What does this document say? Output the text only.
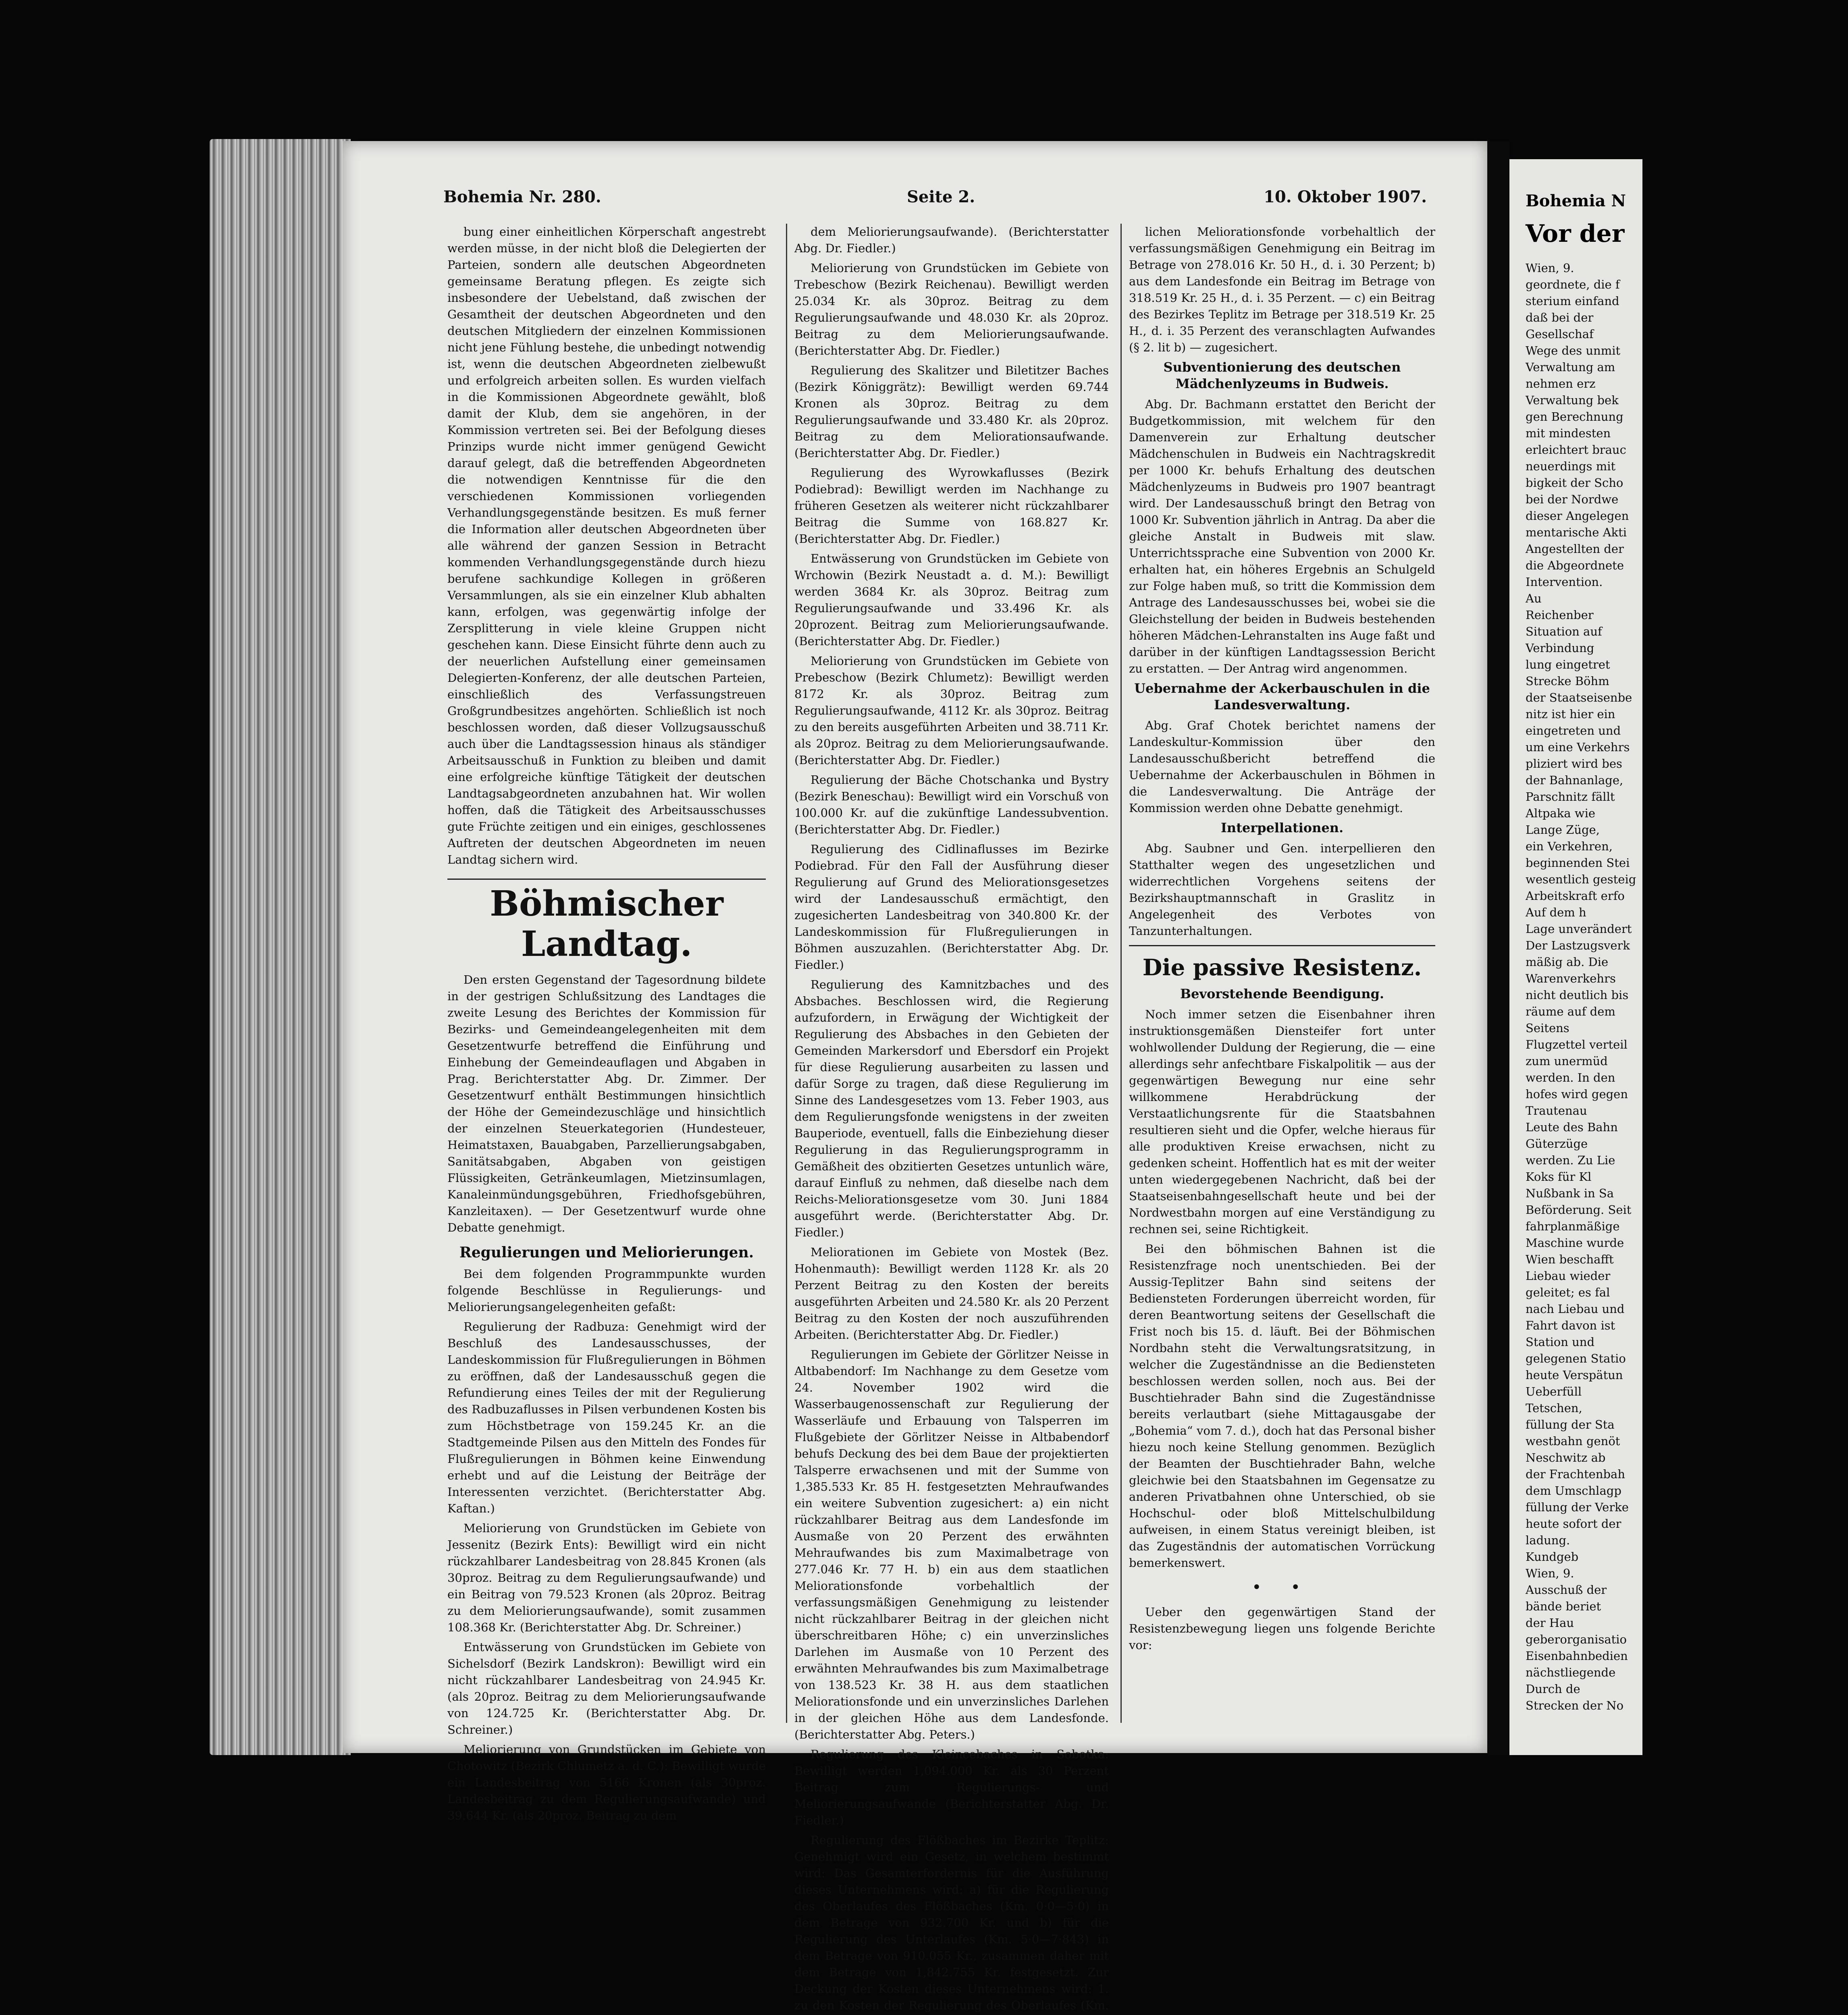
Bohemia Nr. 280.	Seite 2.	10. Oktober 1907.

bung einer einheitlichen Körperschaft angestrebt werden müsse, in der nicht bloß die Delegierten der Parteien, sondern alle deutschen Abgeordneten gemeinsame Beratung pflegen. Es zeigte sich insbesondere der Uebelstand, daß zwischen der Gesamtheit der deutschen Abgeordneten und den deutschen Mitgliedern der einzelnen Kommissionen nicht jene Fühlung bestehe, die unbedingt notwendig ist, wenn die deutschen Abgeordneten zielbewußt und erfolgreich arbeiten sollen. Es wurden vielfach in die Kommissionen Abgeordnete gewählt, bloß damit der Klub, dem sie angehören, in der Kommission vertreten sei. Bei der Befolgung dieses Prinzips wurde nicht immer genügend Gewicht darauf gelegt, daß die betreffenden Abgeordneten die notwendigen Kenntnisse für die den verschiedenen Kommissionen vorliegenden Verhandlungsgegenstände besitzen. Es muß ferner die Information aller deutschen Abgeordneten über alle während der ganzen Session in Betracht kommenden Verhandlungsgegenstände durch hiezu berufene sachkundige Kollegen in größeren Versammlungen, als sie ein einzelner Klub abhalten kann, erfolgen, was gegenwärtig infolge der Zersplitterung in viele kleine Gruppen nicht geschehen kann. Diese Einsicht führte denn auch zu der neuerlichen Aufstellung einer gemeinsamen Delegierten-Konferenz, der alle deutschen Parteien, einschließlich des Verfassungstreuen Großgrundbesitzes angehörten. Schließlich ist noch beschlossen worden, daß dieser Vollzugsausschuß auch über die Landtagssession hinaus als ständiger Arbeitsausschuß in Funktion zu bleiben und damit eine erfolgreiche künftige Tätigkeit der deutschen Landtagsabgeordneten anzubahnen hat. Wir wollen hoffen, daß die Tätigkeit des Arbeitsausschusses gute Früchte zeitigen und ein einiges, geschlossenes Auftreten der deutschen Abgeordneten im neuen Landtag sichern wird.

Böhmischer Landtag.

Den ersten Gegenstand der Tagesordnung bildete in der gestrigen Schlußsitzung des Landtages die zweite Lesung des Berichtes der Kommission für Bezirks- und Gemeindeangelegenheiten mit dem Gesetzentwurfe betreffend die Einführung und Einhebung der Gemeindeauflagen und Abgaben in Prag. Berichterstatter Abg. Dr. Zimmer. Der Gesetzentwurf enthält Bestimmungen hinsichtlich der Höhe der Gemeindezuschläge und hinsichtlich der einzelnen Steuerkategorien (Hundesteuer, Heimatstaxen, Bauabgaben, Parzellierungsabgaben, Sanitätsabgaben, Abgaben von geistigen Flüssigkeiten, Getränkeumlagen, Mietzinsumlagen, Kanaleinmündungsgebühren, Friedhofsgebühren, Kanzleitaxen). — Der Gesetzentwurf wurde ohne Debatte genehmigt.

Regulierungen und Meliorierungen.

Bei dem folgenden Programmpunkte wurden folgende Beschlüsse in Regulierungs- und Meliorierungsangelegenheiten gefaßt:

Regulierung der Radbuza: Genehmigt wird der Beschluß des Landesausschusses, der Landeskommission für Flußregulierungen in Böhmen zu eröffnen, daß der Landesausschuß gegen die Refundierung eines Teiles der mit der Regulierung des Radbuzaflusses in Pilsen verbundenen Kosten bis zum Höchstbetrage von 159.245 Kr. an die Stadtgemeinde Pilsen aus den Mitteln des Fondes für Flußregulierungen in Böhmen keine Einwendung erhebt und auf die Leistung der Beiträge der Interessenten verzichtet. (Berichterstatter Abg. Kaftan.)

Meliorierung von Grundstücken im Gebiete von Jessenitz (Bezirk Ents): Bewilligt wird ein nicht rückzahlbarer Landesbeitrag von 28.845 Kronen (als 30proz. Beitrag zu dem Regulierungsaufwande) und ein Beitrag von 79.523 Kronen (als 20proz. Beitrag zu dem Meliorierungsaufwande), somit zusammen 108.368 Kr. (Berichterstatter Abg. Dr. Schreiner.)

Entwässerung von Grundstücken im Gebiete von Sichelsdorf (Bezirk Landskron): Bewilligt wird ein nicht rückzahlbarer Landesbeitrag von 24.945 Kr. (als 20proz. Beitrag zu dem Meliorierungsaufwande von 124.725 Kr. (Berichterstatter Abg. Dr. Schreiner.)

Meliorierung von Grundstücken im Gebiete von Chotowitz (Bezirk Chlumetz a. d. C.): Bewilligt wurde ein Landesbeitrag von 5166 Kronen (als 30proz. Landesbeitrag zu dem Regulierungsaufwande) und 39.644 Kr. (als 20proz. Beitrag zu dem

dem Meliorierungsaufwande). (Berichterstatter Abg. Dr. Fiedler.)

Meliorierung von Grundstücken im Gebiete von Trebeschow (Bezirk Reichenau). Bewilligt werden 25.034 Kr. als 30proz. Beitrag zu dem Regulierungsaufwande und 48.030 Kr. als 20proz. Beitrag zu dem Meliorierungsaufwande. (Berichterstatter Abg. Dr. Fiedler.)

Regulierung des Skalitzer und Biletitzer Baches (Bezirk Königgrätz): Bewilligt werden 69.744 Kronen als 30proz. Beitrag zu dem Regulierungsaufwande und 33.480 Kr. als 20proz. Beitrag zu dem Meliorationsaufwande. (Berichterstatter Abg. Dr. Fiedler.)

Regulierung des Wyrowkaflusses (Bezirk Podiebrad): Bewilligt werden im Nachhange zu früheren Gesetzen als weiterer nicht rückzahlbarer Beitrag die Summe von 168.827 Kr. (Berichterstatter Abg. Dr. Fiedler.)

Entwässerung von Grundstücken im Gebiete von Wrchowin (Bezirk Neustadt a. d. M.): Bewilligt werden 3684 Kr. als 30proz. Beitrag zum Regulierungsaufwande und 33.496 Kr. als 20prozent. Beitrag zum Meliorierungsaufwande. (Berichterstatter Abg. Dr. Fiedler.)

Meliorierung von Grundstücken im Gebiete von Prebeschow (Bezirk Chlumetz): Bewilligt werden 8172 Kr. als 30proz. Beitrag zum Regulierungsaufwande, 4112 Kr. als 30proz. Beitrag zu den bereits ausgeführten Arbeiten und 38.711 Kr. als 20proz. Beitrag zu dem Meliorierungsaufwande. (Berichterstatter Abg. Dr. Fiedler.)

Regulierung der Bäche Chotschanka und Bystry (Bezirk Beneschau): Bewilligt wird ein Vorschuß von 100.000 Kr. auf die zukünftige Landessubvention. (Berichterstatter Abg. Dr. Fiedler.)

Regulierung des Cidlinaflusses im Bezirke Podiebrad. Für den Fall der Ausführung dieser Regulierung auf Grund des Meliorationsgesetzes wird der Landesausschuß ermächtigt, den zugesicherten Landesbeitrag von 340.800 Kr. der Landeskommission für Flußregulierungen in Böhmen auszuzahlen. (Berichterstatter Abg. Dr. Fiedler.)

Regulierung des Kamnitzbaches und des Absbaches. Beschlossen wird, die Regierung aufzufordern, in Erwägung der Wichtigkeit der Regulierung des Absbaches in den Gebieten der Gemeinden Markersdorf und Ebersdorf ein Projekt für diese Regulierung ausarbeiten zu lassen und dafür Sorge zu tragen, daß diese Regulierung im Sinne des Landesgesetzes vom 13. Feber 1903, aus dem Regulierungsfonde wenigstens in der zweiten Bauperiode, eventuell, falls die Einbeziehung dieser Regulierung in das Regulierungsprogramm in Gemäßheit des obzitierten Gesetzes untunlich wäre, darauf Einfluß zu nehmen, daß dieselbe nach dem Reichs-Meliorationsgesetze vom 30. Juni 1884 ausgeführt werde. (Berichterstatter Abg. Dr. Fiedler.)

Meliorationen im Gebiete von Mostek (Bez. Hohenmauth): Bewilligt werden 1128 Kr. als 20 Perzent Beitrag zu den Kosten der bereits ausgeführten Arbeiten und 24.580 Kr. als 20 Perzent Beitrag zu den Kosten der noch auszuführenden Arbeiten. (Berichterstatter Abg. Dr. Fiedler.)

Regulierungen im Gebiete der Görlitzer Neisse in Altbabendorf: Im Nachhange zu dem Gesetze vom 24. November 1902 wird die Wasserbaugenossenschaft zur Regulierung der Wasserläufe und Erbauung von Talsperren im Flußgebiete der Görlitzer Neisse in Altbabendorf behufs Deckung des bei dem Baue der projektierten Talsperre erwachsenen und mit der Summe von 1,385.533 Kr. 85 H. festgesetzten Mehraufwandes ein weitere Subvention zugesichert: a) ein nicht rückzahlbarer Beitrag aus dem Landesfonde im Ausmaße von 20 Perzent des erwähnten Mehraufwandes bis zum Maximalbetrage von 277.046 Kr. 77 H. b) ein aus dem staatlichen Meliorationsfonde vorbehaltlich der verfassungsmäßigen Genehmigung zu leistender nicht rückzahlbarer Beitrag in der gleichen nicht überschreitbaren Höhe; c) ein unverzinsliches Darlehen im Ausmaße von 10 Perzent des erwähnten Mehraufwandes bis zum Maximalbetrage von 138.523 Kr. 38 H. aus dem staatlichen Meliorationsfonde und ein unverzinsliches Darlehen in der gleichen Höhe aus dem Landesfonde. (Berichterstatter Abg. Peters.)

Regulierung des Kleincebaches in Sobotka: Bewilligt werden 1,094.000 Kr. als 30 Perzent Beitrag zum Regulierungs- und Meliorierungsaufwande (Berichterstatter Abg. Dr. Fiedler.)

Regulierung des Flößbaches im Bezirke Teplitz: Genehmigt wird ein Gesetz, in welchem bestimmt wird: Das Gesamterfordernis für die Ausführung dieses Unternehmens wird: a) für die Regulierung des Oberlaufes des Flößbaches (Km. 0·0—5·0) in dem Betrage von 932.700 Kr. und b) für die Regulierung des Unterlaufes (Km. 5·0—7·843) in dem Betrage von 910.055 Kr., zusammen daher mit dem Betrage von 1,842.755 Kr. festgesetzt. Zur Deckung der Kosten dieses Unternehmens wird: 1. zu den Kosten der Regulierung des Oberlaufes (Km.

lichen Meliorationsfonde vorbehaltlich der verfassungsmäßigen Genehmigung ein Beitrag im Betrage von 278.016 Kr. 50 H., d. i. 30 Perzent; b) aus dem Landesfonde ein Beitrag im Betrage von 318.519 Kr. 25 H., d. i. 35 Perzent. — c) ein Beitrag des Bezirkes Teplitz im Betrage per 318.519 Kr. 25 H., d. i. 35 Perzent des veranschlagten Aufwandes (§ 2. lit b) — zugesichert.

Subventionierung des deutschen Mädchenlyzeums in Budweis.

Abg. Dr. Bachmann erstattet den Bericht der Budgetkommission, mit welchem für den Damenverein zur Erhaltung deutscher Mädchenschulen in Budweis ein Nachtragskredit per 1000 Kr. behufs Erhaltung des deutschen Mädchenlyzeums in Budweis pro 1907 beantragt wird. Der Landesausschuß bringt den Betrag von 1000 Kr. Subvention jährlich in Antrag. Da aber die gleiche Anstalt in Budweis mit slaw. Unterrichtssprache eine Subvention von 2000 Kr. erhalten hat, ein höheres Ergebnis an Schulgeld zur Folge haben muß, so tritt die Kommission dem Antrage des Landesausschusses bei, wobei sie die Gleichstellung der beiden in Budweis bestehenden höheren Mädchen-Lehranstalten ins Auge faßt und darüber in der künftigen Landtagssession Bericht zu erstatten. — Der Antrag wird angenommen.

Uebernahme der Ackerbauschulen in die Landesverwaltung.

Abg. Graf Chotek berichtet namens der Landeskultur-Kommission über den Landesausschußbericht betreffend die Uebernahme der Ackerbauschulen in Böhmen in die Landesverwaltung. Die Anträge der Kommission werden ohne Debatte genehmigt.

Interpellationen.

Abg. Saubner und Gen. interpellieren den Statthalter wegen des ungesetzlichen und widerrechtlichen Vorgehens seitens der Bezirkshauptmannschaft in Graslitz in Angelegenheit des Verbotes von Tanzunterhaltungen.

Die passive Resistenz.
Bevorstehende Beendigung.

Noch immer setzen die Eisenbahner ihren instruktionsgemäßen Diensteifer fort unter wohlwollender Duldung der Regierung, die — eine allerdings sehr anfechtbare Fiskalpolitik — aus der gegenwärtigen Bewegung nur eine sehr willkommene Herabdrückung der Verstaatlichungsrente für die Staatsbahnen resultieren sieht und die Opfer, welche hieraus für alle produktiven Kreise erwachsen, nicht zu gedenken scheint. Hoffentlich hat es mit der weiter unten wiedergegebenen Nachricht, daß bei der Staatseisenbahngesellschaft heute und bei der Nordwestbahn morgen auf eine Verständigung zu rechnen sei, seine Richtigkeit.

Bei den böhmischen Bahnen ist die Resistenzfrage noch unentschieden. Bei der Aussig-Teplitzer Bahn sind seitens der Bediensteten Forderungen überreicht worden, für deren Beantwortung seitens der Gesellschaft die Frist noch bis 15. d. läuft. Bei der Böhmischen Nordbahn steht die Verwaltungsratsitzung, in welcher die Zugeständnisse an die Bediensteten beschlossen werden sollen, noch aus. Bei der Buschtiehrader Bahn sind die Zugeständnisse bereits verlautbart (siehe Mittagausgabe der „Bohemia“ vom 7. d.), doch hat das Personal bisher hiezu noch keine Stellung genommen. Bezüglich der Beamten der Buschtiehrader Bahn, welche gleichwie bei den Staatsbahnen im Gegensatze zu anderen Privatbahnen ohne Unterschied, ob sie Hochschul- oder bloß Mittelschulbildung aufweisen, in einem Status vereinigt bleiben, ist das Zugeständnis der automatischen Vorrückung bemerkenswert.

• •

Ueber den gegenwärtigen Stand der Resistenzbewegung liegen uns folgende Berichte vor:

Bohemia N
Vor der
Wien, 9.
geordnete, die f
sterium einfand
daß bei der
Gesellschaf
Wege des unmit
Verwaltung am
nehmen erz
Verwaltung bek
gen Berechnung
mit mindesten
erleichtert brauc
neuerdings mit
bigkeit der Scho
bei der Nordwe
dieser Angelegen
mentarische Akti
Angestellten der
die Abgeordnete
Intervention.
Au
Reichenber
Situation auf
Verbindung
lung eingetret
Strecke Böhm
der Staatseisenbe
nitz ist hier ein
eingetreten und
um eine Verkehrs
pliziert wird bes
der Bahnanlage,
Parschnitz fällt
Altpaka wie
Lange Züge,
ein Verkehren,
beginnenden Stei
wesentlich gesteig
Arbeitskraft erfo
Auf dem h
Lage unverändert
Der Lastzugsverk
mäßig ab. Die
Warenverkehrs
nicht deutlich bis
räume auf dem
Seitens
Flugzettel verteil
zum unermüd
werden. In den
hofes wird gegen
Trautenau
Leute des Bahn
Güterzüge
werden. Zu Lie
Koks für Kl
Nußbank in Sa
Beförderung. Seit
fahrplanmäßige
Maschine wurde
Wien beschafft
Liebau wieder
geleitet; es fal
nach Liebau und
Fahrt davon ist
Station und
gelegenen Statio
heute Verspätun
Ueberfüll
Tetschen,
füllung der Sta
westbahn genöt
Neschwitz ab
der Frachtenbah
dem Umschlagp
füllung der Verke
heute sofort der
ladung.
Kundgeb
Wien, 9.
Ausschuß der
bände beriet
der Hau
geberorganisatio
Eisenbahnbedien
nächstliegende
Durch de
Strecken der No
